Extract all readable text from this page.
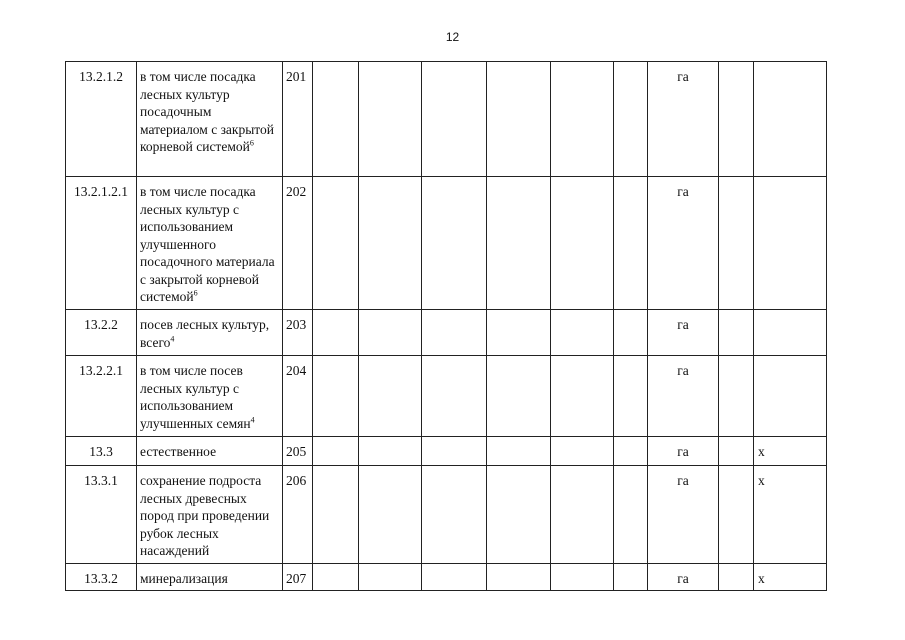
12
13.2.1.2	в том числе посадка лесных культур посадочным материалом с закрытой корневой системой$^6$	201							га		
13.2.1.2.1	в том числе посадка лесных культур с использованием улучшенного посадочного материала с закрытой корневой системой$^6$	202							га		
13.2.2	посев лесных культур, всего$^4$	203							га		
13.2.2.1	в том числе посев лесных культур с использованием улучшенных семян$^4$	204							га		
13.3	естественное	205							га		х
13.3.1	сохранение подроста лесных древесных пород при проведении рубок лесных насаждений	206							га		х
13.3.2	минерализация	207							га		х
